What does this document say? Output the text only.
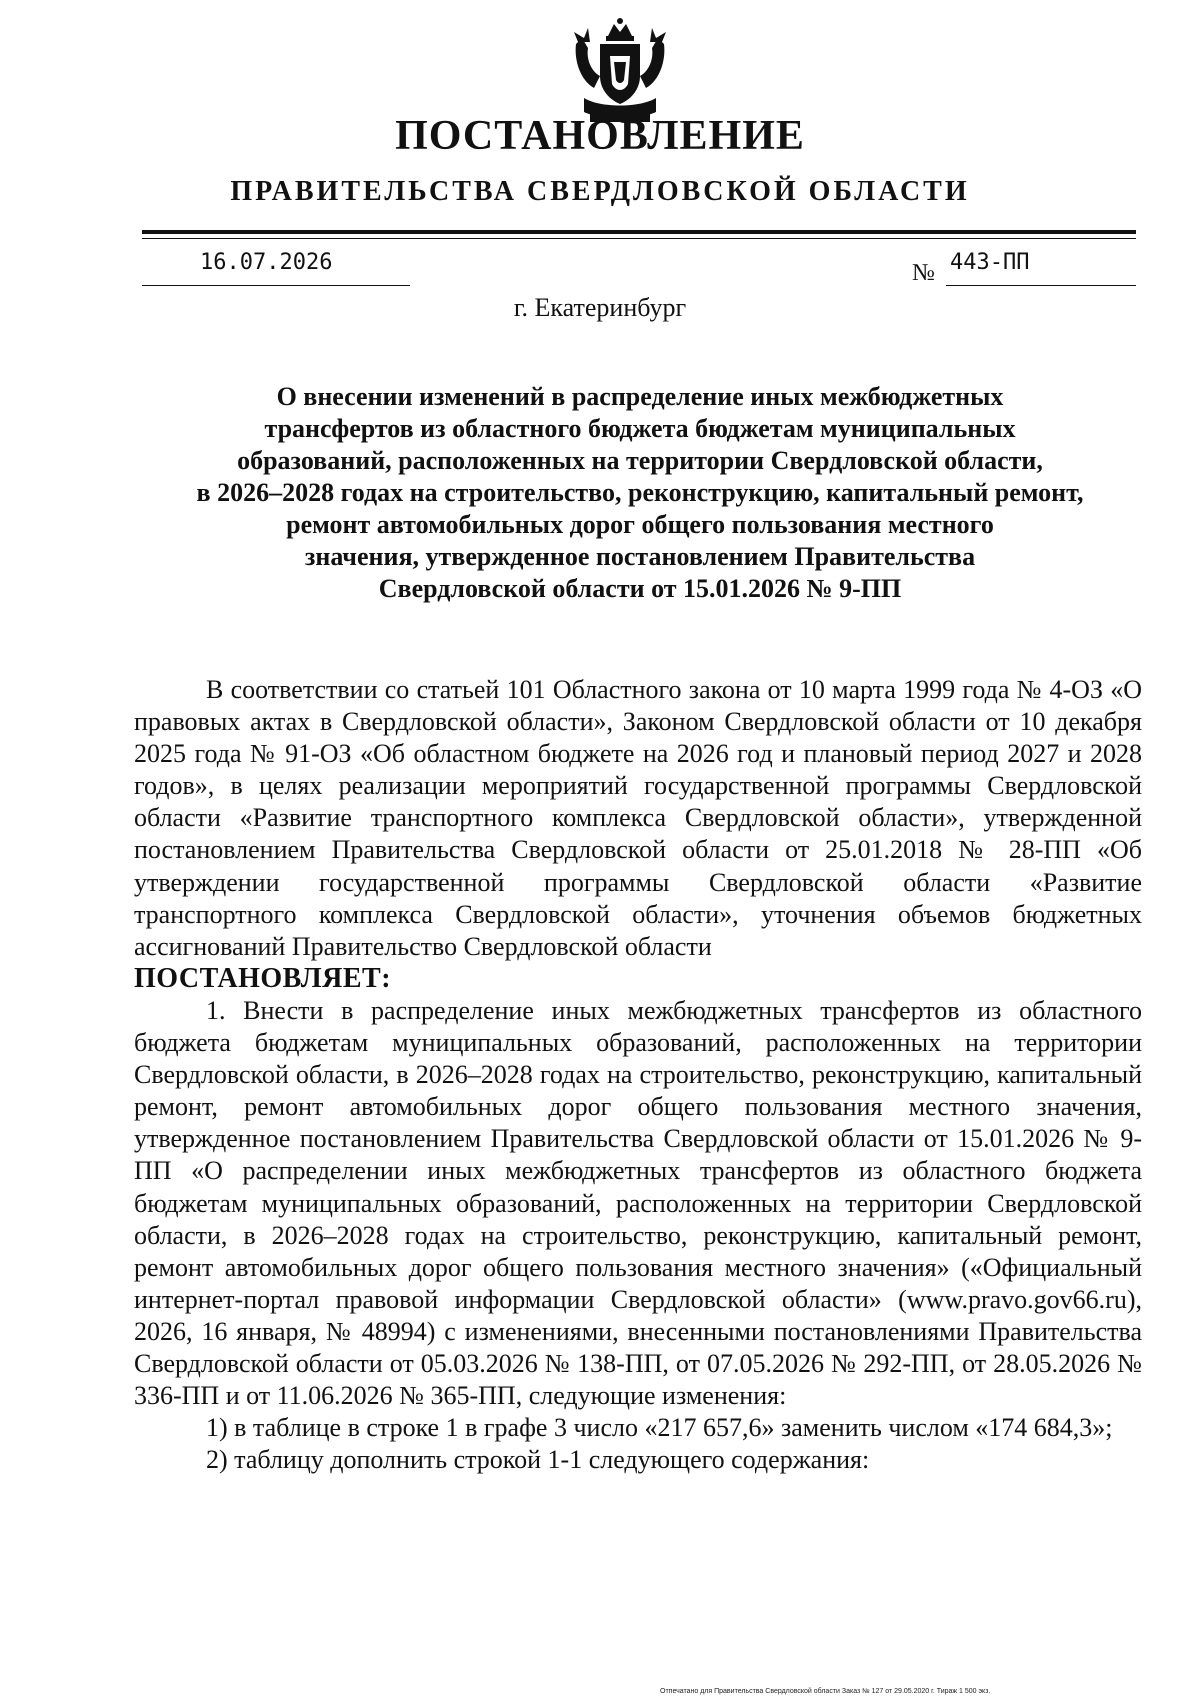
ПОСТАНОВЛЕНИЕ
ПРАВИТЕЛЬСТВА СВЕРДЛОВСКОЙ ОБЛАСТИ
16.07.2026	№ 443-ПП
г. Екатеринбург
О внесении изменений в распределение иных межбюджетных
трансфертов из областного бюджета бюджетам муниципальных
образований, расположенных на территории Свердловской области,
в 2026–2028 годах на строительство, реконструкцию, капитальный ремонт,
ремонт автомобильных дорог общего пользования местного
значения, утвержденное постановлением Правительства
Свердловской области от 15.01.2026 № 9-ПП

В соответствии со статьей 101 Областного закона от 10 марта 1999 года № 4-ОЗ «О правовых актах в Свердловской области», Законом Свердловской области от 10 декабря 2025 года № 91-ОЗ «Об областном бюджете на 2026 год и плановый период 2027 и 2028 годов», в целях реализации мероприятий государственной программы Свердловской области «Развитие транспортного комплекса Свердловской области», утвержденной постановлением Правительства Свердловской области от 25.01.2018 № 28-ПП «Об утверждении государственной программы Свердловской области «Развитие транспортного комплекса Свердловской области», уточнения объемов бюджетных ассигнований Правительство Свердловской области

ПОСТАНОВЛЯЕТ:

1. Внести в распределение иных межбюджетных трансфертов из областного бюджета бюджетам муниципальных образований, расположенных на территории Свердловской области, в 2026–2028 годах на строительство, реконструкцию, капитальный ремонт, ремонт автомобильных дорог общего пользования местного значения, утвержденное постановлением Правительства Свердловской области от 15.01.2026 № 9-ПП «О распределении иных межбюджетных трансфертов из областного бюджета бюджетам муниципальных образований, расположенных на территории Свердловской области, в 2026–2028 годах на строительство, реконструкцию, капитальный ремонт, ремонт автомобильных дорог общего пользования местного значения» («Официальный интернет-портал правовой информации Свердловской области» (www.pravo.gov66.ru), 2026, 16 января, № 48994) с изменениями, внесенными постановлениями Правительства Свердловской области от 05.03.2026 № 138-ПП, от 07.05.2026 № 292-ПП, от 28.05.2026 № 336-ПП и от 11.06.2026 № 365-ПП, следующие изменения:

1) в таблице в строке 1 в графе 3 число «217 657,6» заменить числом «174 684,3»;

2) таблицу дополнить строкой 1-1 следующего содержания:

Отпечатано для Правительства Свердловской области Заказ № 127 от 29.05.2020 г. Тираж 1 500 экз.
